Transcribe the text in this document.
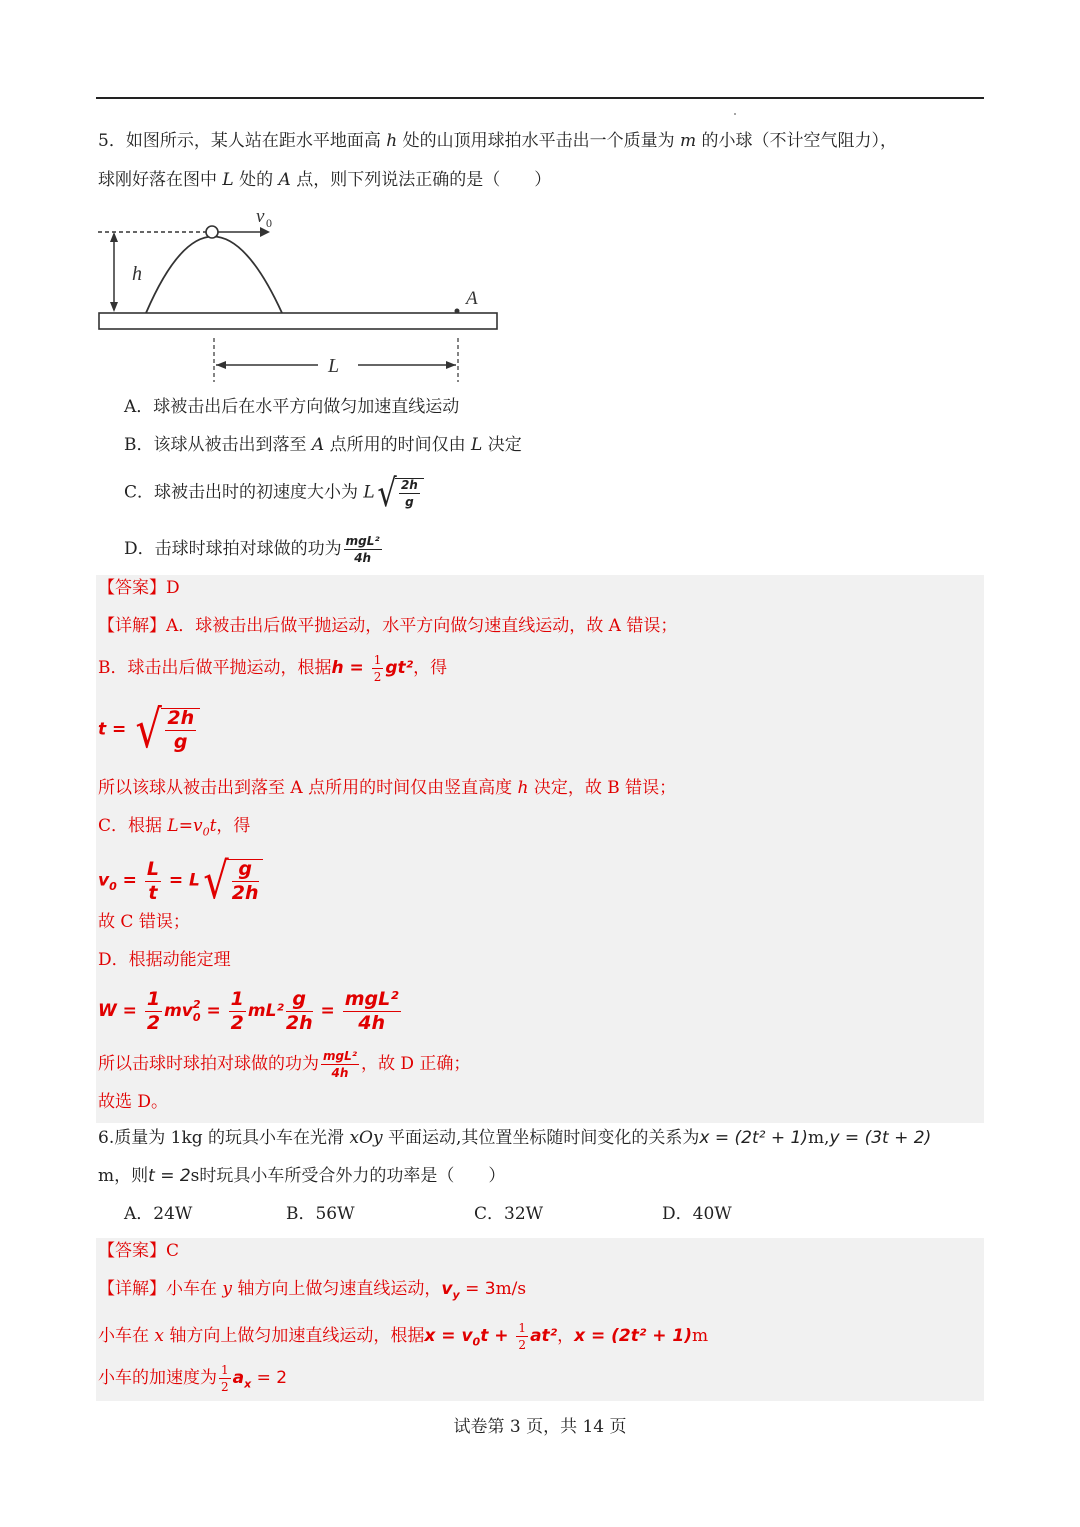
5．如图所示，某人站在距水平地面高 h 处的山顶用球拍水平击出一个质量为 m 的小球（不计空气阻力），
球刚好落在图中 L 处的 A 点，则下列说法正确的是（　　）
h
v 0
A
L
A．球被击出后在水平方向做匀加速直线运动
B．该球从被击出到落至 A 点所用的时间仅由 L 决定
C．球被击出时的初速度大小为 $L√ \frac{2h}{g}$
D．击球时球拍对球做的功为 $\frac{\text{mgL²}}{4h}$
【答案】D
【详解】A．球被击出后做平抛运动，水平方向做匀速直线运动，故 A 错误；
B．球击出后做平抛运动，根据$h = \frac{1}{2} gt^2$，得
t = √ $\frac{2h}{g}$
所以该球从被击出到落至 A 点所用的时间仅由竖直高度 h 决定，故 B 错误；
C．根据 $L=v_0t$，得
$v_0 = \frac{L}{t} = L√ \frac{g}{2h}$
故 C 错误；
D．根据动能定理
$W = \frac{1}{2}$ mv 2
$0 = \frac{1}{2} mL^2 \frac{g}{2h} = \frac{\text{mgL²}}{4h}$
所以击球时球拍对球做的功为 $\frac{\text{mgL²}}{4h}$ ，故 D 正确；
故选 D。
6.质量为 1kg 的玩具小车在光滑 xOy 平面运动,其位置坐标随时间变化的关系为x = (2t² + 1)m,y = (3t + 2)
m，则t = 2s时玩具小车所受合外力的功率是（　　）
A．24W	B．56W	C．32W	D．40W
【答案】C
【详解】小车在 y 轴方向上做匀速直线运动，$v_y = 3m/s$
小车在 x 轴方向上做匀加速直线运动，根据$x = v_0t + \frac{1}{2} at^2$，x = (2t² + 1)m
小车的加速度为 $\frac{1}{2} a_x = 2$
试卷第 3 页，共 14 页
